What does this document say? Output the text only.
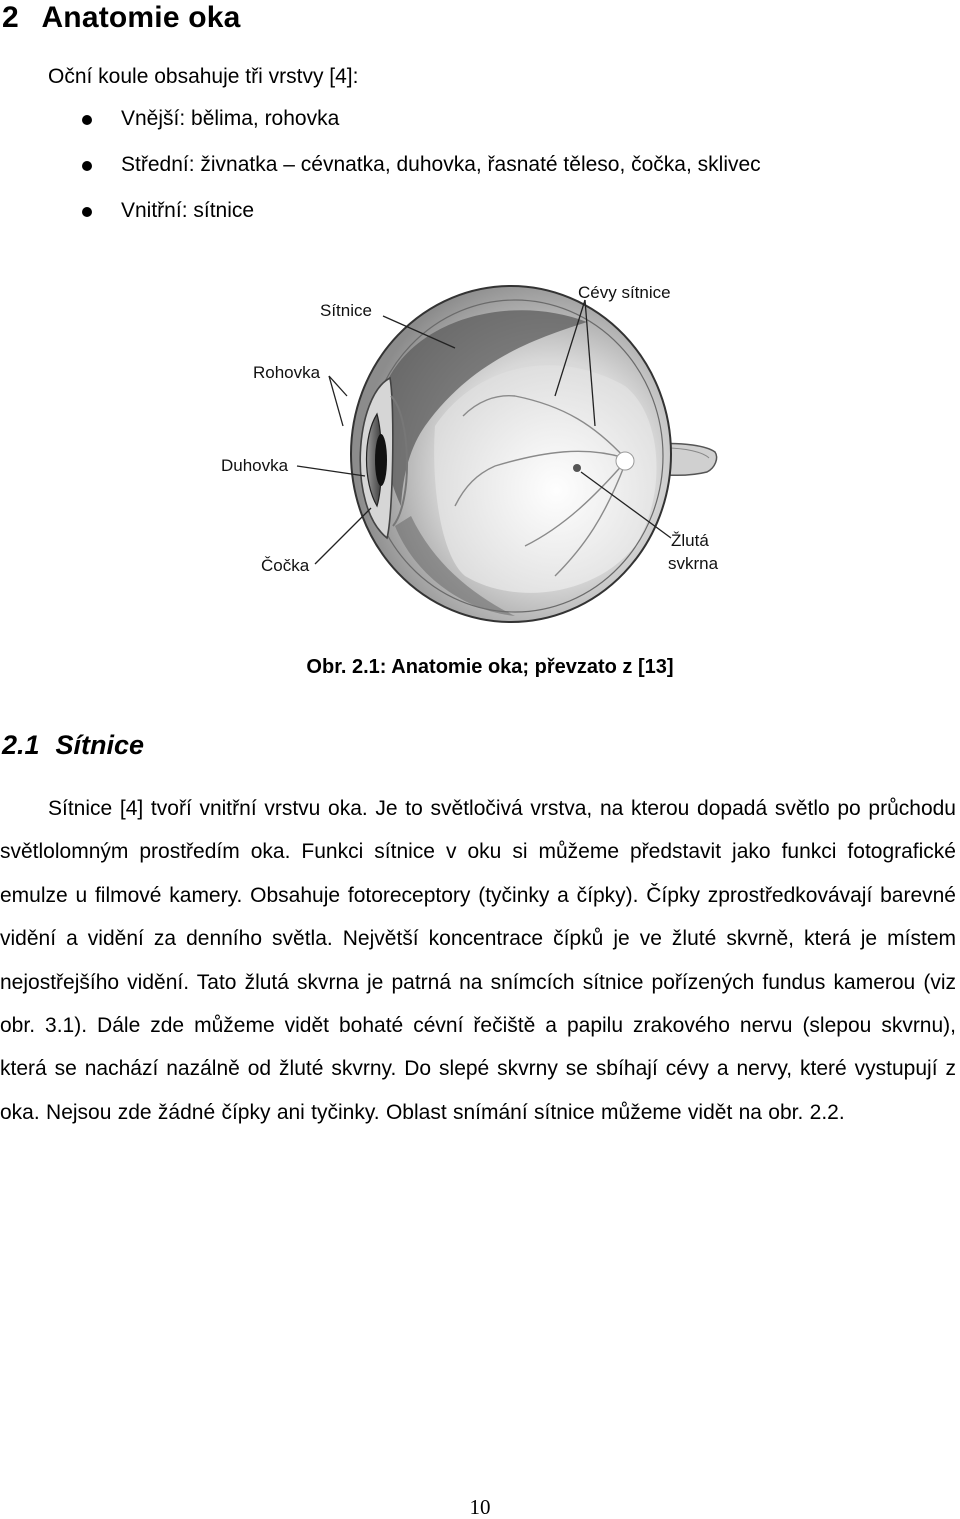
2 Anatomie oka

Oční koule obsahuje tři vrstvy [4]:

Vnější: bělima, rohovka
Střední: živnatka – cévnatka, duhovka, řasnaté těleso, čočka, sklivec
Vnitřní: sítnice
Sítnice
Cévy sítnice
Rohovka
Duhovka
Čočka
Žlutá
svkrna
Obr. 2.1: Anatomie oka; převzato z [13]
2.1 Sítnice

Sítnice [4] tvoří vnitřní vrstvu oka. Je to světločivá vrstva, na kterou dopadá světlo po průchodu světlolomným prostředím oka. Funkci sítnice v oku si můžeme představit jako funkci fotografické emulze u filmové kamery. Obsahuje fotoreceptory (tyčinky a čípky). Čípky zprostředkovávají barevné vidění a vidění za denního světla. Největší koncentrace čípků je ve žluté skvrně, která je místem nejostřejšího vidění. Tato žlutá skvrna je patrná na snímcích sítnice pořízených fundus kamerou (viz obr. 3.1). Dále zde můžeme vidět bohaté cévní řečiště a papilu zrakového nervu (slepou skvrnu), která se nachází nazálně od žluté skvrny. Do slepé skvrny se sbíhají cévy a nervy, které vystupují z oka. Nejsou zde žádné čípky ani tyčinky. Oblast snímání sítnice můžeme vidět na obr. 2.2.

10
